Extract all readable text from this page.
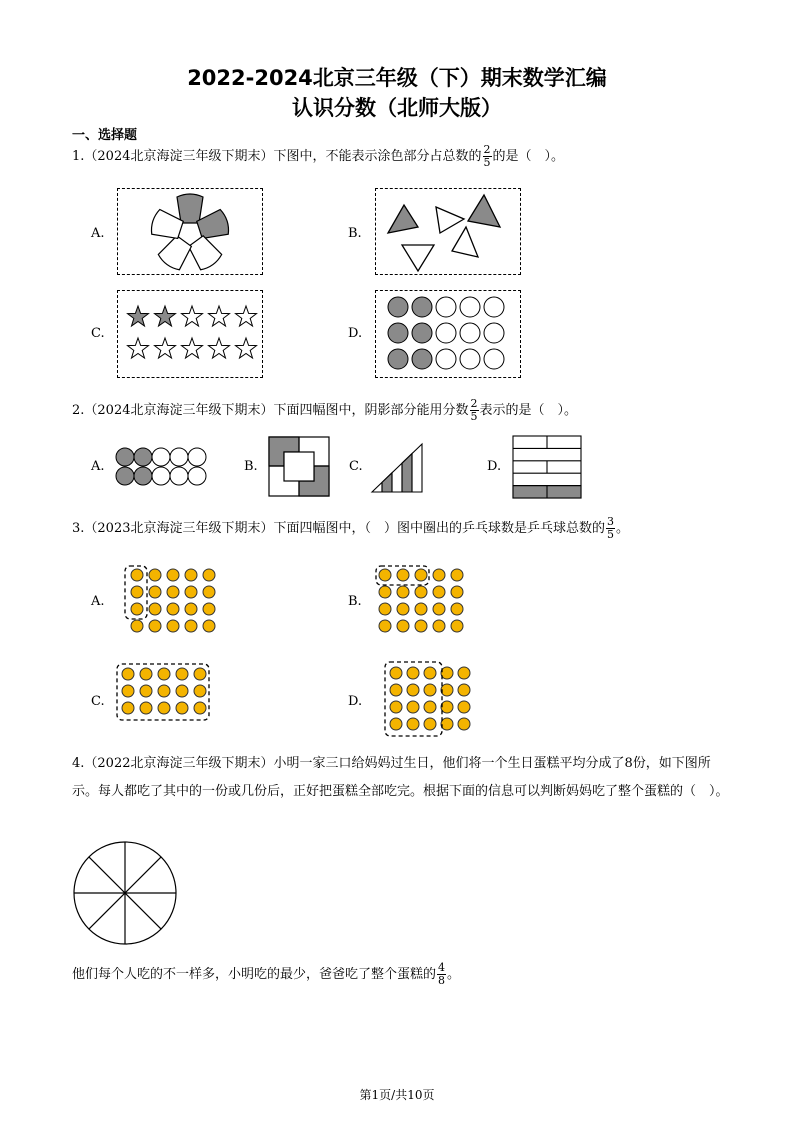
2022-2024北京三年级（下）期末数学汇编
认识分数（北师大版）
一、选择题
1.（2024北京海淀三年级下期末）下图中，不能表示涂色部分占总数的 $\frac{2}{5}$ 的是（　）。
A.	B.
C.	D.
2.（2024北京海淀三年级下期末）下面四幅图中，阴影部分能用分数 $\frac{2}{5}$ 表示的是（　）。
A.	B.	C.	D.
3.（2023北京海淀三年级下期末）下面四幅图中，（　）图中圈出的乒乓球数是乒乓球总数的 $\frac{3}{5}$ 。
A.	B.
C.	D.
4.（2022北京海淀三年级下期末）小明一家三口给妈妈过生日，他们将一个生日蛋糕平均分成了8份，如下图所示。每人都吃了其中的一份或几份后，正好把蛋糕全部吃完。根据下面的信息可以判断妈妈吃了整个蛋糕的（　）。
他们每个人吃的不一样多，小明吃的最少，爸爸吃了整个蛋糕的 $\frac{4}{8}$ 。
第1页/共10页
